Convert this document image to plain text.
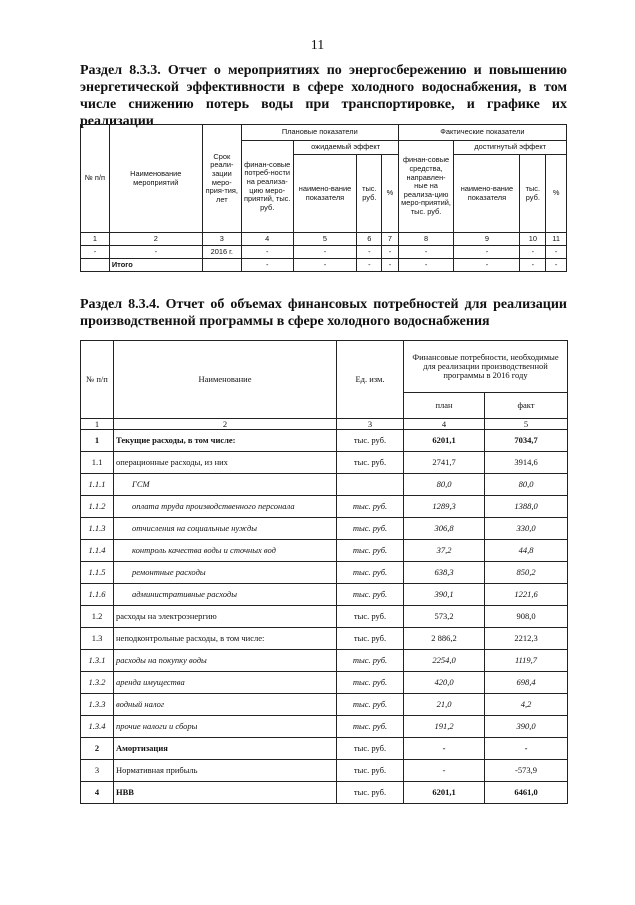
11
Раздел 8.3.3. Отчет о мероприятиях по энергосбережению и повышению энергетической эффективности в сфере холодного водоснабжения, в том числе снижению потерь воды при транспортировке, и графике их реализации
№ п/п	Наименование мероприятий	Срок реали-зации меро-прия-тия, лет	Плановые показатели				Фактические показатели			
			финан-совые потреб-ности на реализа-цию меро-приятий, тыс. руб.	ожидаемый эффект			финан-совые средства, направлен-ные на реализа-цию меро-приятий, тыс. руб.	достигнутый эффект		
				наимено-вание показателя	тыс. руб.	%		наимено-вание показателя	тыс. руб.	%
1	2	3	4	5	6	7	8	9	10	11
-	-	2016 г.	-	-	-	-	-	-	-	-
	Итого		-	-	-	-	-	-	-	-
Раздел 8.3.4. Отчет об объемах финансовых потребностей для реализации производственной программы в сфере холодного водоснабжения
№ п/п	Наименование	Ед. изм.	Финансовые потребности, необходимые для реализации производственной программы в 2016 году	
			план	факт
1	2	3	4	5
1	Текущие расходы, в том числе:	тыс. руб.	6201,1	7034,7
1.1	операционные расходы, из них	тыс. руб.	2741,7	3914,6
1.1.1	ГСМ		80,0	80,0
1.1.2	оплата труда производственного персонала	тыс. руб.	1289,3	1388,0
1.1.3	отчисления на социальные нужды	тыс. руб.	306,8	330,0
1.1.4	контроль качества воды и сточных вод	тыс. руб.	37,2	44,8
1.1.5	ремонтные расходы	тыс. руб.	638,3	850,2
1.1.6	административные расходы	тыс. руб.	390,1	1221,6
1.2	расходы на электроэнергию	тыс. руб.	573,2	908,0
1.3	неподконтрольные расходы, в том числе:	тыс. руб.	2 886,2	2212,3
1.3.1	расходы на покупку воды	тыс. руб.	2254,0	1119,7
1.3.2	аренда имущества	тыс. руб.	420,0	698,4
1.3.3	водный налог	тыс. руб.	21,0	4,2
1.3.4	прочие налоги и сборы	тыс. руб.	191,2	390,0
2	Амортизация	тыс. руб.	-	-
3	Нормативная прибыль	тыс. руб.	-	-573,9
4	НВВ	тыс. руб.	6201,1	6461,0
